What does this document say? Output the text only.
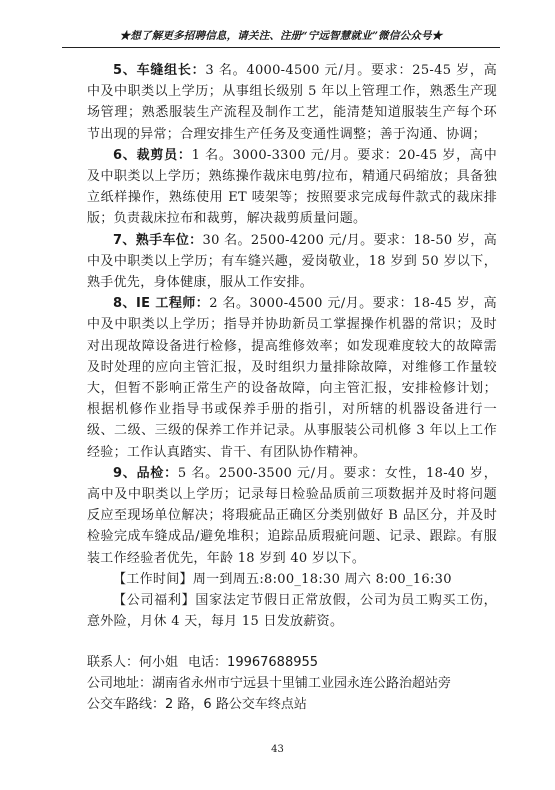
★想了解更多招聘信息，请关注、注册“宁远智慧就业”微信公众号★

5、车缝组长：3 名。4000-4500 元/月。要求：25-45 岁，高中及中职类以上学历；从事组长级别 5 年以上管理工作，熟悉生产现场管理；熟悉服装生产流程及制作工艺，能清楚知道服装生产每个环节出现的异常；合理安排生产任务及变通性调整；善于沟通、协调；

6、裁剪员：1 名。3000-3300 元/月。要求：20-45 岁，高中及中职类以上学历；熟练操作裁床电剪/拉布，精通尺码缩放；具备独立纸样操作，熟练使用 ET 唛架等；按照要求完成每件款式的裁床排版；负责裁床拉布和裁剪，解决裁剪质量问题。

7、熟手车位：30 名。2500-4200 元/月。要求：18-50 岁，高中及中职类以上学历；有车缝兴趣，爱岗敬业，18 岁到 50 岁以下，熟手优先，身体健康，服从工作安排。

8、IE 工程师：2 名。3000-4500 元/月。要求：18-45 岁，高中及中职类以上学历；指导并协助新员工掌握操作机器的常识；及时对出现故障设备进行检修，提高维修效率；如发现难度较大的故障需及时处理的应向主管汇报，及时组织力量排除故障，对维修工作量较大，但暂不影响正常生产的设备故障，向主管汇报，安排检修计划；根据机修作业指导书或保养手册的指引，对所辖的机器设备进行一级、二级、三级的保养工作并记录。从事服装公司机修 3 年以上工作经验；工作认真踏实、肯干、有团队协作精神。

9、品检：5 名。2500-3500 元/月。要求：女性，18-40 岁，高中及中职类以上学历；记录每日检验品质前三项数据并及时将问题反应至现场单位解决；将瑕疵品正确区分类别做好 B 品区分，并及时检验完成车缝成品/避免堆积；追踪品质瑕疵问题、记录、跟踪。有服装工作经验者优先，年龄 18 岁到 40 岁以下。

【工作时间】周一到周五:8:00_18:30 周六 8:00_16:30

【公司福利】国家法定节假日正常放假，公司为员工购买工伤，意外险，月休 4 天，每月 15 日发放薪资。

联系人：何小姐 电话：19967688955
公司地址：湖南省永州市宁远县十里铺工业园永连公路治超站旁
公交车路线：2 路，6 路公交车终点站
43
